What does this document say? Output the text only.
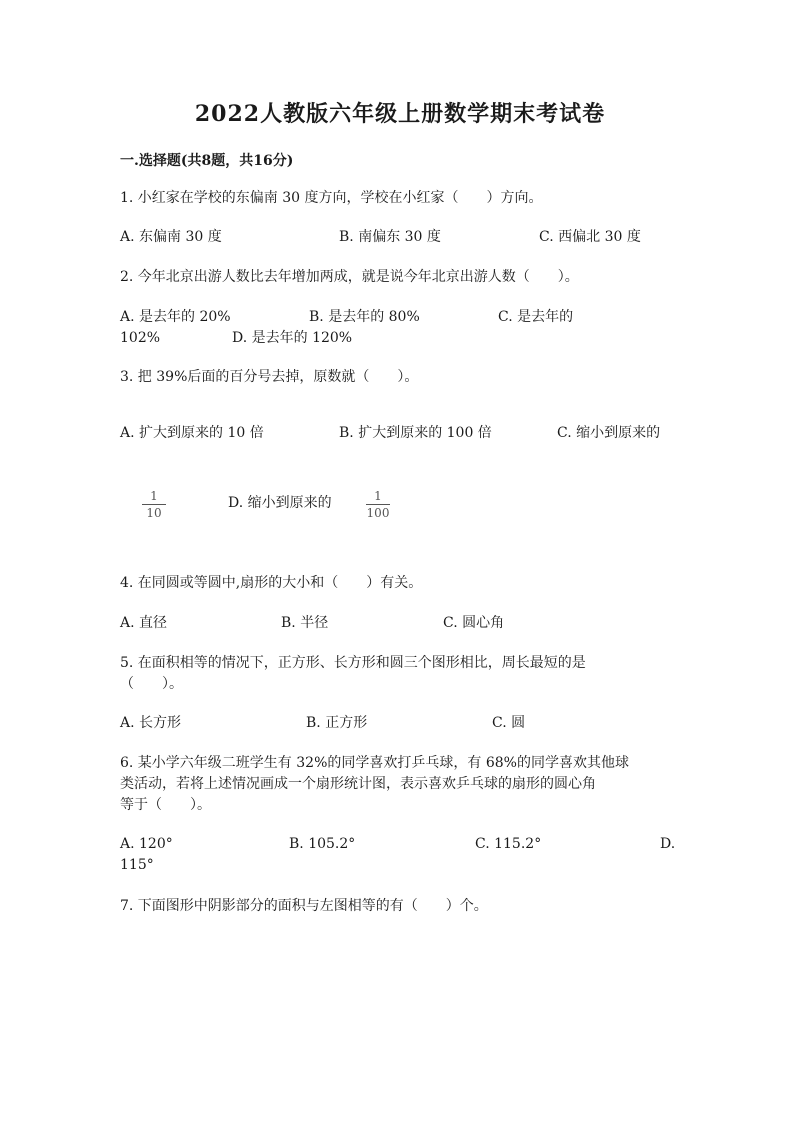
2022人教版六年级上册数学期末考试卷
一.选择题(共8题，共16分)
1. 小红家在学校的东偏南 30 度方向，学校在小红家（　　）方向。
A. 东偏南 30 度	B. 南偏东 30 度	C. 西偏北 30 度
2. 今年北京出游人数比去年增加两成，就是说今年北京出游人数（　　）。
A. 是去年的 20%	B. 是去年的 80%	C. 是去年的
102%	D. 是去年的 120%
3. 把 39%后面的百分号去掉，原数就（　　）。
A. 扩大到原来的 10 倍	B. 扩大到原来的 100 倍	C. 缩小到原来的
1
10
D. 缩小到原来的	1
100
4. 在同圆或等圆中,扇形的大小和（　　）有关。
A. 直径	B. 半径	C. 圆心角
5. 在面积相等的情况下，正方形、长方形和圆三个图形相比，周长最短的是
（　　）。
A. 长方形	B. 正方形	C. 圆
6. 某小学六年级二班学生有 32%的同学喜欢打乒乓球，有 68%的同学喜欢其他球
类活动，若将上述情况画成一个扇形统计图，表示喜欢乒乓球的扇形的圆心角
等于（　　）。
A. 120°	B. 105.2°	C. 115.2°	D.
115°
7. 下面图形中阴影部分的面积与左图相等的有（　　）个。
